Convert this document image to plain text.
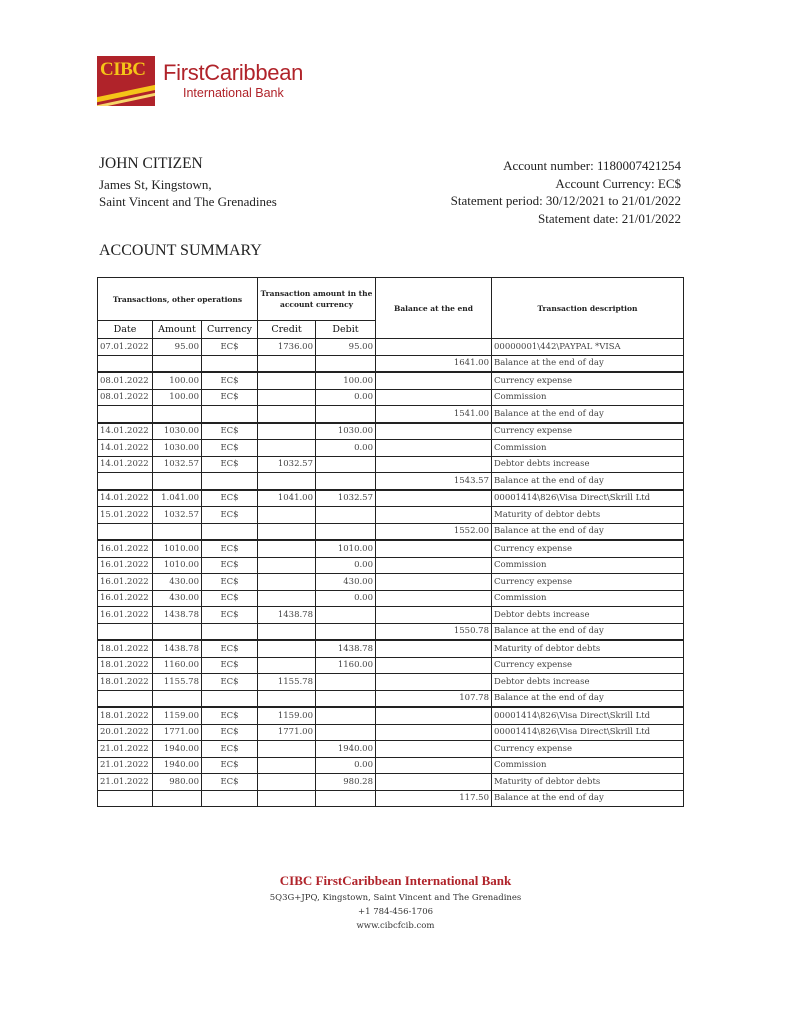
CIBC FirstCaribbean
International Bank
JOHN CITIZEN
James St, Kingstown,
Saint Vincent and The Grenadines
Account number: 1180007421254
Account Currency: EC$
Statement period: 30/12/2021 to 21/01/2022
Statement date: 21/01/2022
ACCOUNT SUMMARY
Transactions, other operations			Transaction amount in the account currency		Balance at the end	Transaction description
Date	Amount	Currency	Credit	Debit		
07.01.2022	95.00	EC$	1736.00	95.00		00000001\442\PAYPAL *VISA
					1641.00	Balance at the end of day
08.01.2022	100.00	EC$		100.00		Currency expense
08.01.2022	100.00	EC$		0.00		Commission
					1541.00	Balance at the end of day
14.01.2022	1030.00	EC$		1030.00		Currency expense
14.01.2022	1030.00	EC$		0.00		Commission
14.01.2022	1032.57	EC$	1032.57			Debtor debts increase
					1543.57	Balance at the end of day
14.01.2022	1.041.00	EC$	1041.00	1032.57		00001414\826\Visa Direct\Skrill Ltd
15.01.2022	1032.57	EC$				Maturity of debtor debts
					1552.00	Balance at the end of day
16.01.2022	1010.00	EC$		1010.00		Currency expense
16.01.2022	1010.00	EC$		0.00		Commission
16.01.2022	430.00	EC$		430.00		Currency expense
16.01.2022	430.00	EC$		0.00		Commission
16.01.2022	1438.78	EC$	1438.78			Debtor debts increase
					1550.78	Balance at the end of day
18.01.2022	1438.78	EC$		1438.78		Maturity of debtor debts
18.01.2022	1160.00	EC$		1160.00		Currency expense
18.01.2022	1155.78	EC$	1155.78			Debtor debts increase
					107.78	Balance at the end of day
18.01.2022	1159.00	EC$	1159.00			00001414\826\Visa Direct\Skrill Ltd
20.01.2022	1771.00	EC$	1771.00			00001414\826\Visa Direct\Skrill Ltd
21.01.2022	1940.00	EC$		1940.00		Currency expense
21.01.2022	1940.00	EC$		0.00		Commission
21.01.2022	980.00	EC$		980.28		Maturity of debtor debts
					117.50	Balance at the end of day
CIBC FirstCaribbean International Bank
5Q3G+JPQ, Kingstown, Saint Vincent and The Grenadines
+1 784-456-1706
www.cibcfcib.com
